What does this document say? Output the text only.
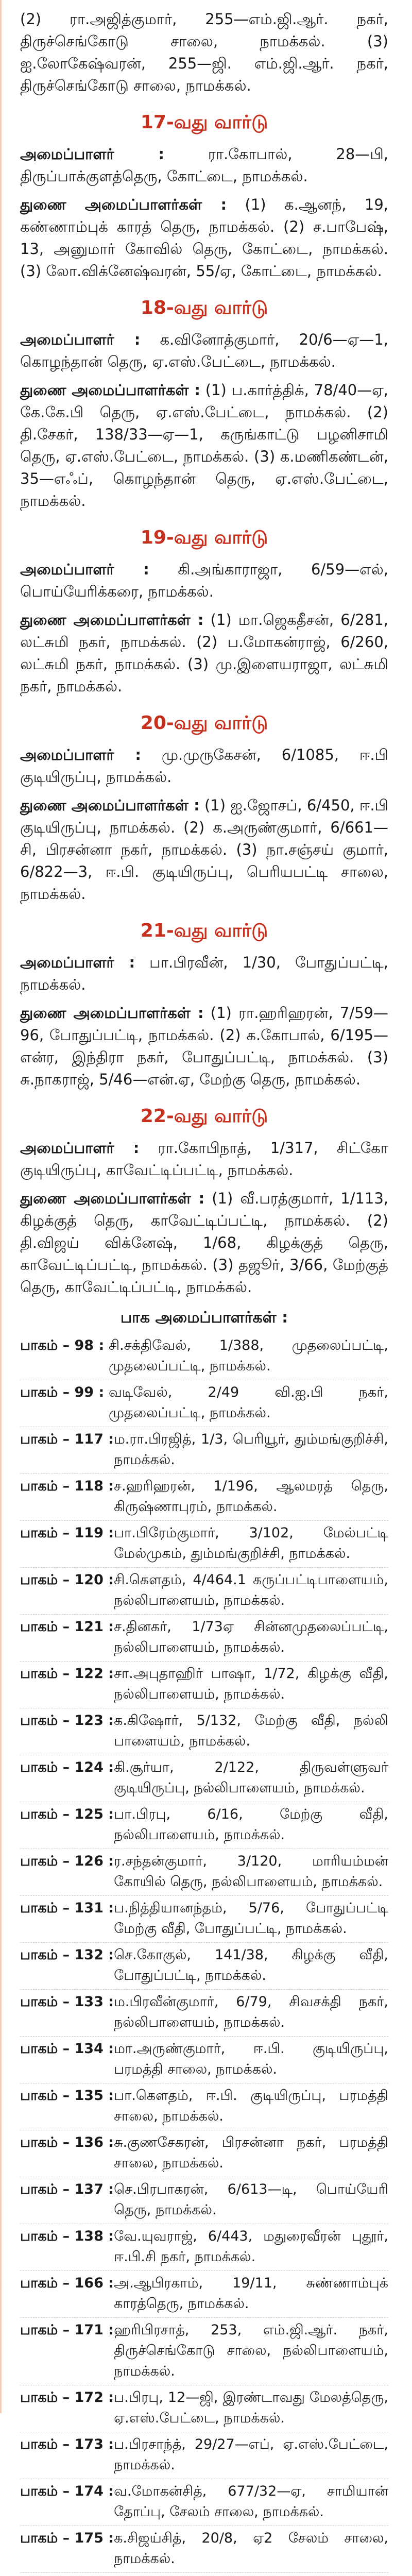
(2) ரா.அஜித்குமார், 255—எம்.ஜி.ஆர். நகர், திருச்செங்கோடு சாலை, நாமக்கல். (3) ஐ.லோகேஷ்வரன், 255—ஜி. எம்.ஜி.ஆர். நகர், திருச்செங்கோடு சாலை, நாமக்கல்.

17-வது வார்டு

அமைப்பாளர் :	ரா.கோபால், 28—பி, திருப்பாக்குளத்தெரு, கோட்டை, நாமக்கல்.

துணை அமைப்பாளர்கள் : (1) க.ஆனந், 19, கண்ணாம்புக் காரத் தெரு, நாமக்கல். (2) ச.பாபேஷ், 13, அனுமார் கோவில் தெரு, கோட்டை, நாமக்கல். (3) லோ.விக்னேஷ்வரன், 55/ஏ, கோட்டை, நாமக்கல்.

18-வது வார்டு

அமைப்பாளர் : க.வினோத்குமார், 20/6—ஏ—1, கொழந்தான் தெரு, ஏ.எஸ்.பேட்டை, நாமக்கல்.

துணை அமைப்பாளர்கள் : (1) ப.கார்த்திக், 78/40—ஏ, கே.கே.பி தெரு, ஏ.எஸ்.பேட்டை, நாமக்கல். (2) தி.சேகர், 138/33—ஏ—1, கருங்காட்டு பழனிசாமி தெரு, ஏ.எஸ்.பேட்டை, நாமக்கல். (3) க.மணிகண்டன், 35—எஃப், கொழந்தான் தெரு, ஏ.எஸ்.பேட்டை, நாமக்கல்.

19-வது வார்டு

அமைப்பாளர் : கி.அங்காராஜா, 6/59—எல், பொய்யேரிக்கரை, நாமக்கல்.

துணை அமைப்பாளர்கள் : (1) மா.ஜெகதீசன், 6/281, லட்சுமி நகர், நாமக்கல். (2) ப.மோகன்ராஜ், 6/260, லட்சுமி நகர், நாமக்கல். (3) மு.இளையராஜா, லட்சுமி நகர், நாமக்கல்.

20-வது வார்டு

அமைப்பாளர் : மு.முருகேசன், 6/1085, ஈ.பி குடியிருப்பு, நாமக்கல்.

துணை அமைப்பாளர்கள் : (1) ஐ.ஜோசப், 6/450, ஈ.பி குடியிருப்பு, நாமக்கல். (2) க.அருண்குமார், 6/661—சி, பிரசன்னா நகர், நாமக்கல். (3) நா.சஞ்சய் குமார், 6/822—3, ஈ.பி. குடியிருப்பு, பெரியபட்டி சாலை, நாமக்கல்.

21-வது வார்டு

அமைப்பாளர் : பா.பிரவீன், 1/30, போதுப்பட்டி, நாமக்கல்.

துணை அமைப்பாளர்கள் : (1) ரா.ஹரிஹரன், 7/59—96, போதுப்பட்டி, நாமக்கல். (2) க.கோபால், 6/195—என்ர, இந்திரா நகர், போதுப்பட்டி, நாமக்கல். (3) சு.நாகராஜ், 5/46—என்.ஏ, மேற்கு தெரு, நாமக்கல்.

22-வது வார்டு

அமைப்பாளர் : ரா.கோபிநாத், 1/317, சிட்கோ குடியிருப்பு, காவேட்டிப்பட்டி, நாமக்கல்.

துணை அமைப்பாளர்கள் : (1) வீ.பரத்குமார், 1/113, கிழக்குத் தெரு, காவேட்டிப்பட்டி, நாமக்கல். (2) தி.விஜய் விக்னேஷ், 1/68, கிழக்குத் தெரு, காவேட்டிப்பட்டி, நாமக்கல். (3) தஜூர், 3/66, மேற்குத் தெரு, காவேட்டிப்பட்டி, நாமக்கல்.

பாக அமைப்பாளர்கள் :
பாகம் – 98 : சி.சக்திவேல், 1/388, முதலைப்பட்டி, முதலைப்பட்டி, நாமக்கல்.
பாகம் – 99 : வடிவேல், 2/49 வி.ஐ.பி நகர், முதலைப்பட்டி, நாமக்கல்.
பாகம் – 117 : ம.ரா.பிரஜித், 1/3, பெரியூர், தும்மங்குறிச்சி, நாமக்கல்.
பாகம் – 118 : ச.ஹரிஹரன், 1/196, ஆலமரத் தெரு, கிருஷ்ணாபுரம், நாமக்கல்.
பாகம் – 119 : பா.பிரேம்குமார், 3/102, மேல்பட்டி மேல்முகம், தும்மங்குறிச்சி, நாமக்கல்.
பாகம் – 120 : சி.கௌதம், 4/464.1 கருப்பட்டிபாளையம், நல்லிபாளையம், நாமக்கல்.
பாகம் – 121 : ச.தினகர், 1/73ஏ சின்னமுதலைப்பட்டி, நல்லிபாளையம், நாமக்கல்.
பாகம் – 122 : சா.அபுதாஹிர் பாஷா, 1/72, கிழக்கு வீதி, நல்லிபாளையம், நாமக்கல்.
பாகம் – 123 : க.கிஷோர், 5/132, மேற்கு வீதி, நல்லி பாளையம், நாமக்கல்.
பாகம் – 124 : கி.சூர்யா, 2/122, திருவள்ளுவர் குடியிருப்பு, நல்லிபாளையம், நாமக்கல்.
பாகம் – 125 : பா.பிரபு, 6/16, மேற்கு வீதி, நல்லிபாளையம், நாமக்கல்.
பாகம் – 126 : ர.சந்தன்குமார், 3/120, மாரியம்மன் கோயில் தெரு, நல்லிபாளையம், நாமக்கல்.
பாகம் – 131 : ப.நித்தியானந்தம், 5/76, போதுப்பட்டி மேற்கு வீதி, போதுப்பட்டி, நாமக்கல்.
பாகம் – 132 : செ.கோகுல், 141/38, கிழக்கு வீதி, போதுப்பட்டி, நாமக்கல்.
பாகம் – 133 : ம.பிரவீன்குமார், 6/79, சிவசக்தி நகர், நல்லிபாளையம், நாமக்கல்.
பாகம் – 134 : மா.அருண்குமார், ஈ.பி. குடியிருப்பு, பரமத்தி சாலை, நாமக்கல்.
பாகம் – 135 : பா.கௌதம், ஈ.பி. குடியிருப்பு, பரமத்தி சாலை, நாமக்கல்.
பாகம் – 136 : சு.குணசேகரன், பிரசன்னா நகர், பரமத்தி சாலை, நாமக்கல்.
பாகம் – 137 : செ.பிரபாகரன், 6/613—டி, பொய்யேரி தெரு, நாமக்கல்.
பாகம் – 138 : வே.யுவராஜ், 6/443, மதுரைவீரன் புதூர், ஈ.பி.சி நகர், நாமக்கல்.
பாகம் – 166 : அ.ஆபிரகாம், 19/11, சுண்ணாம்புக் காரத்தெரு, நாமக்கல்.
பாகம் – 171 : ஹரிபிரசாத், 253, எம்.ஜி.ஆர். நகர், திருச்செங்கோடு சாலை, நல்லிபாளையம், நாமக்கல்.
பாகம் – 172 : ப.பிரபு, 12—ஜி, இரண்டாவது மேலத்தெரு, ஏ.எஸ்.பேட்டை, நாமக்கல்.
பாகம் – 173 : ப.பிரசாந்த், 29/27—எப், ஏ.எஸ்.பேட்டை, நாமக்கல்.
பாகம் – 174 : வ.மோகன்சித், 677/32—ஏ, சாமியான் தோப்பு, சேலம் சாலை, நாமக்கல்.
பாகம் – 175 : க.சிஜய்சித், 20/8, ஏ2 சேலம் சாலை, நாமக்கல்.
